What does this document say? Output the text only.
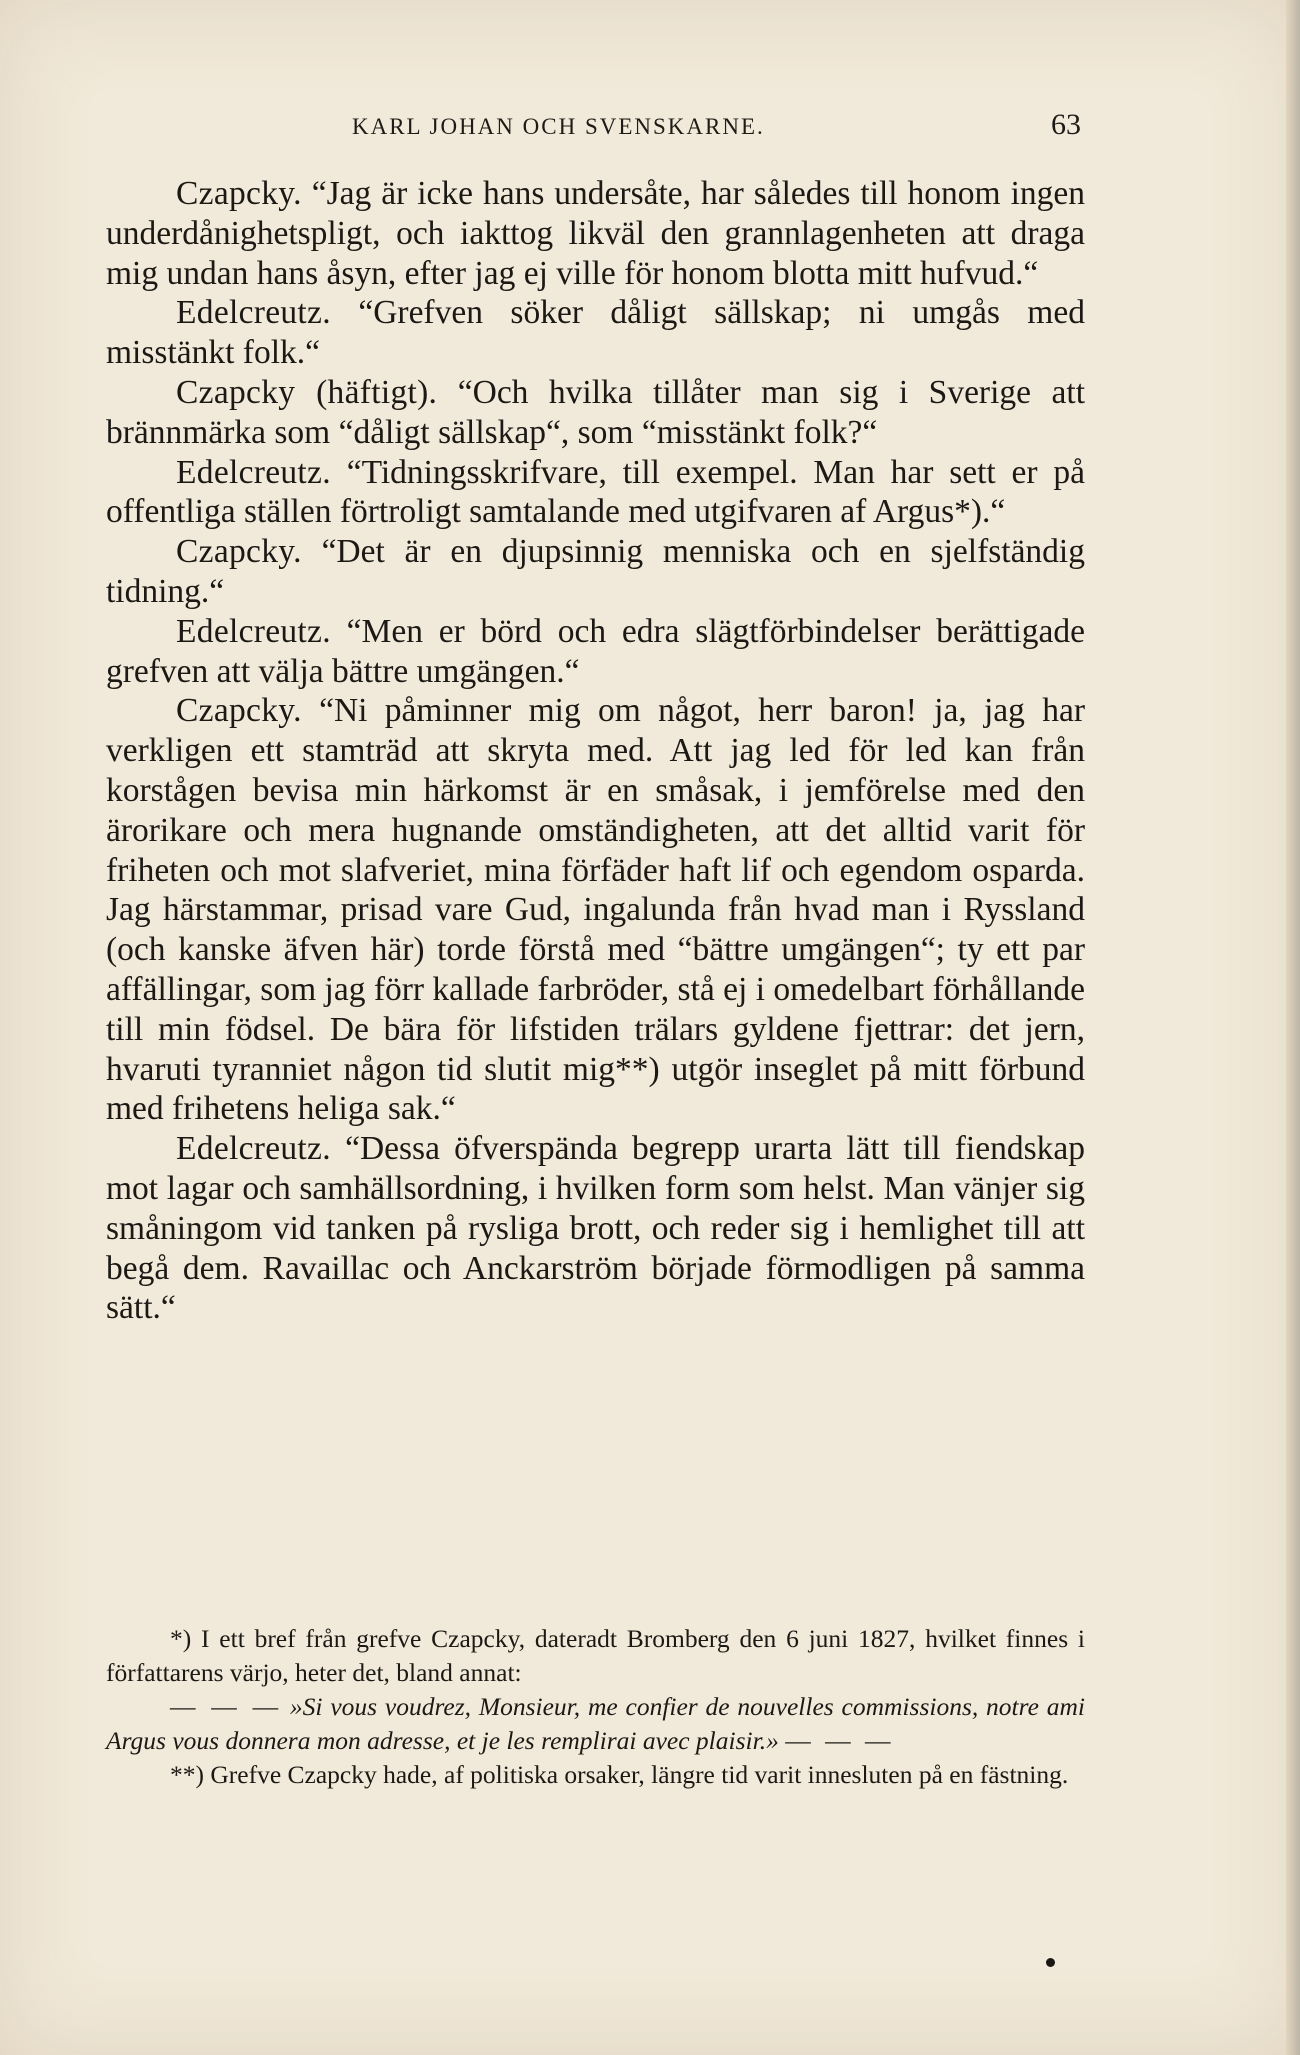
KARL JOHAN OCH SVENSKARNE.	63

Czapcky. “Jag är icke hans undersåte, har således till honom ingen underdånighetspligt, och iakttog likväl den grannlagenheten att draga mig undan hans åsyn, efter jag ej ville för honom blotta mitt hufvud.“

Edelcreutz. “Grefven söker dåligt sällskap; ni umgås med misstänkt folk.“

Czapcky (häftigt). “Och hvilka tillåter man sig i Sverige att brännmärka som “dåligt sällskap“, som “misstänkt folk?“

Edelcreutz. “Tidningsskrifvare, till exempel. Man har sett er på offentliga ställen förtroligt samtalande med utgifvaren af Argus*).“

Czapcky. “Det är en djupsinnig menniska och en sjelfständig tidning.“

Edelcreutz. “Men er börd och edra slägtförbindelser berättigade grefven att välja bättre umgängen.“

Czapcky. “Ni påminner mig om något, herr baron! ja, jag har verkligen ett stamträd att skryta med. Att jag led för led kan från korstågen bevisa min härkomst är en småsak, i jemförelse med den ärorikare och mera hugnande omständigheten, att det alltid varit för friheten och mot slafveriet, mina förfäder haft lif och egendom osparda. Jag härstammar, prisad vare Gud, ingalunda från hvad man i Ryssland (och kanske äfven här) torde förstå med “bättre umgängen“; ty ett par affällingar, som jag förr kallade farbröder, stå ej i omedelbart förhållande till min födsel. De bära för lifstiden trälars gyldene fjettrar: det jern, hvaruti tyranniet någon tid slutit mig**) utgör inseglet på mitt förbund med frihetens heliga sak.“

Edelcreutz. “Dessa öfverspända begrepp urarta lätt till fiendskap mot lagar och samhällsordning, i hvilken form som helst. Man vänjer sig småningom vid tanken på rysliga brott, och reder sig i hemlighet till att begå dem. Ravaillac och Anckarström började förmodligen på samma sätt.“

*) I ett bref från grefve Czapcky, dateradt Bromberg den 6 juni 1827, hvilket finnes i författarens värjo, heter det, bland annat:

— — — »Si vous voudrez, Monsieur, me confier de nouvelles commissions, notre ami Argus vous donnera mon adresse, et je les remplirai avec plaisir.» — — —

**) Grefve Czapcky hade, af politiska orsaker, längre tid varit innesluten på en fästning.
